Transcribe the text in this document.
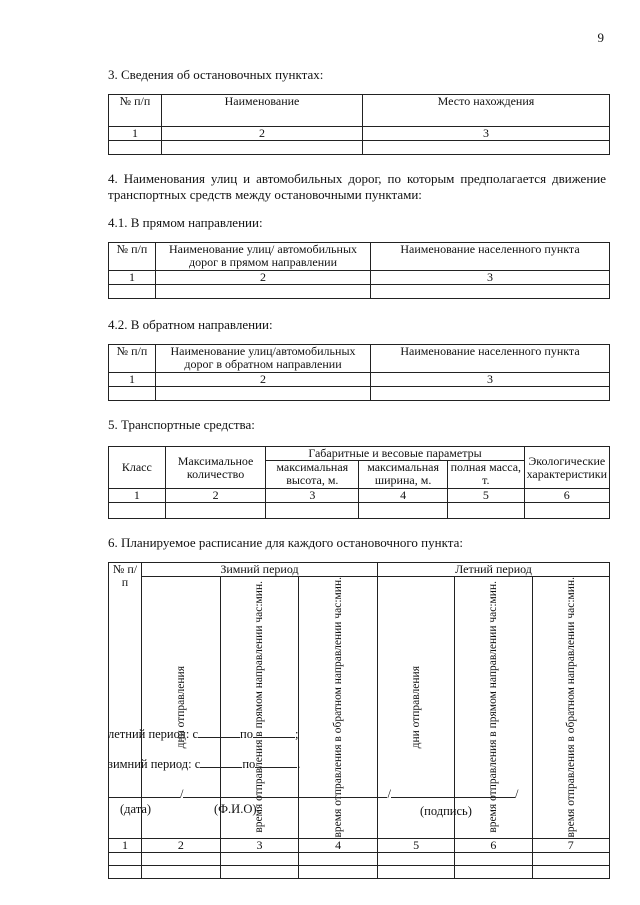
9
3. Сведения об остановочных пунктах:
№ п/п	Наименование	Место нахождения
1	2	3

4. Наименования улиц и автомобильных дорог, по которым предполагается движение транспортных средств между остановочными пунктами:
4.1. В прямом направлении:
№ п/п	Наименование улиц/ автомобильных дорог в прямом направлении	Наименование населенного пункта
1	2	3

4.2. В обратном направлении:
№ п/п	Наименование улиц/автомобильных дорог в обратном направлении	Наименование населенного пункта
1	2	3

5. Транспортные средства:
Класс	Максимальное количество	Габаритные и весовые параметры			Экологические характеристики
		максимальная высота, м.	максимальная ширина, м.	полная масса, т.	
1	2	3	4	5	6

6. Планируемое расписание для каждого остановочного пункта:
№ п/п	Зимний период			Летний период		

	дни отправления	время отправления в прямом направлении час:мин.	время отправления в обратном направлении час:мин.	дни отправления	время отправления в прямом направлении час:мин.	время отправления в обратном направлении час:мин.

1	2	3	4	5	6	7

летний период: с	по	;
зимний период: с	по	.
/	/	/
(дата)	(Ф.И.О).	(подпись)
